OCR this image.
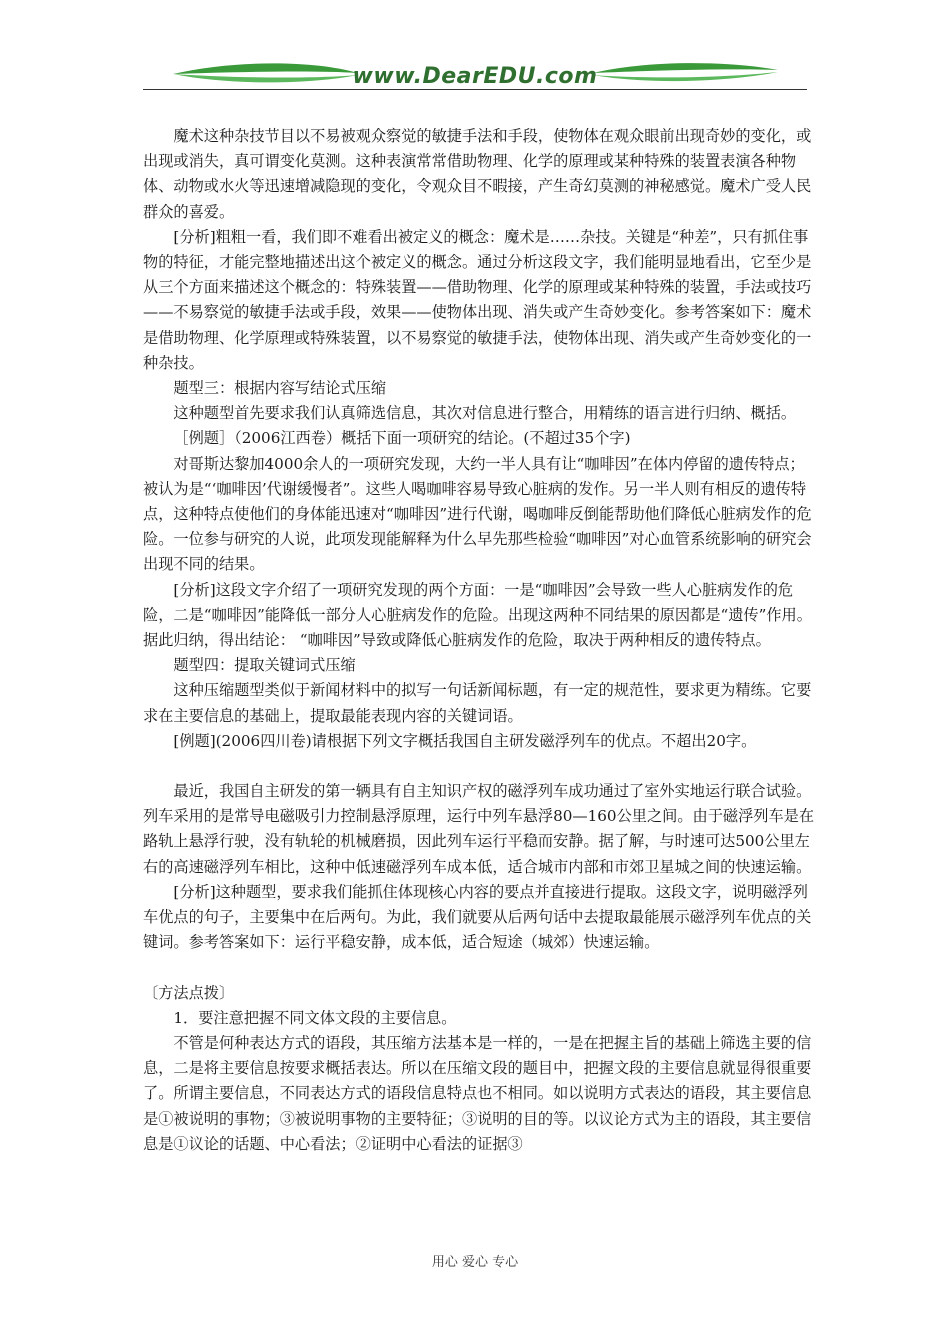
www.DearEDU.com

魔术这种杂技节目以不易被观众察觉的敏捷手法和手段，使物体在观众眼前出现奇妙的变化，或出现或消失，真可谓变化莫测。这种表演常常借助物理、化学的原理或某种特殊的装置表演各种物体、动物或水火等迅速增减隐现的变化，令观众目不暇接，产生奇幻莫测的神秘感觉。魔术广受人民群众的喜爱。

[分析]粗粗一看，我们即不难看出被定义的概念：魔术是……杂技。关键是“种差”，只有抓住事物的特征，才能完整地描述出这个被定义的概念。通过分析这段文字，我们能明显地看出，它至少是从三个方面来描述这个概念的：特殊装置——借助物理、化学的原理或某种特殊的装置，手法或技巧——不易察觉的敏捷手法或手段，效果——使物体出现、消失或产生奇妙变化。参考答案如下：魔术是借助物理、化学原理或特殊装置，以不易察觉的敏捷手法，使物体出现、消失或产生奇妙变化的一种杂技。

题型三：根据内容写结论式压缩

这种题型首先要求我们认真筛选信息，其次对信息进行整合，用精练的语言进行归纳、概括。

［例题］（2006江西卷）概括下面一项研究的结论。(不超过35个字)

对哥斯达黎加4000余人的一项研究发现，大约一半人具有让“咖啡因”在体内停留的遗传特点；被认为是“‘咖啡因’代谢缓慢者”。这些人喝咖啡容易导致心脏病的发作。另一半人则有相反的遗传特点，这种特点使他们的身体能迅速对“咖啡因”进行代谢，喝咖啡反倒能帮助他们降低心脏病发作的危险。一位参与研究的人说，此项发现能解释为什么早先那些检验“咖啡因”对心血管系统影响的研究会出现不同的结果。

[分析]这段文字介绍了一项研究发现的两个方面：一是“咖啡因”会导致一些人心脏病发作的危险，二是“咖啡因”能降低一部分人心脏病发作的危险。出现这两种不同结果的原因都是“遗传”作用。据此归纳，得出结论： “咖啡因”导致或降低心脏病发作的危险，取决于两种相反的遗传特点。

题型四：提取关键词式压缩

这种压缩题型类似于新闻材料中的拟写一句话新闻标题，有一定的规范性，要求更为精练。它要求在主要信息的基础上，提取最能表现内容的关键词语。

[例题](2006四川卷)请根据下列文字概括我国自主研发磁浮列车的优点。不超出20字。

最近，我国自主研发的第一辆具有自主知识产权的磁浮列车成功通过了室外实地运行联合试验。列车采用的是常导电磁吸引力控制悬浮原理，运行中列车悬浮80—160公里之间。由于磁浮列车是在路轨上悬浮行驶，没有轨轮的机械磨损，因此列车运行平稳而安静。据了解，与时速可达500公里左右的高速磁浮列车相比，这种中低速磁浮列车成本低，适合城市内部和市郊卫星城之间的快速运输。

[分析]这种题型，要求我们能抓住体现核心内容的要点并直接进行提取。这段文字，说明磁浮列车优点的句子，主要集中在后两句。为此，我们就要从后两句话中去提取最能展示磁浮列车优点的关键词。参考答案如下：运行平稳安静，成本低，适合短途（城郊）快速运输。

〔方法点拨〕

1．要注意把握不同文体文段的主要信息。

不管是何种表达方式的语段，其压缩方法基本是一样的，一是在把握主旨的基础上筛选主要的信息，二是将主要信息按要求概括表达。所以在压缩文段的题目中，把握文段的主要信息就显得很重要了。所谓主要信息，不同表达方式的语段信息特点也不相同。如以说明方式表达的语段，其主要信息是①被说明的事物；③被说明事物的主要特征；③说明的目的等。以议论方式为主的语段，其主要信息是①议论的话题、中心看法；②证明中心看法的证据③

用心 爱心 专心
